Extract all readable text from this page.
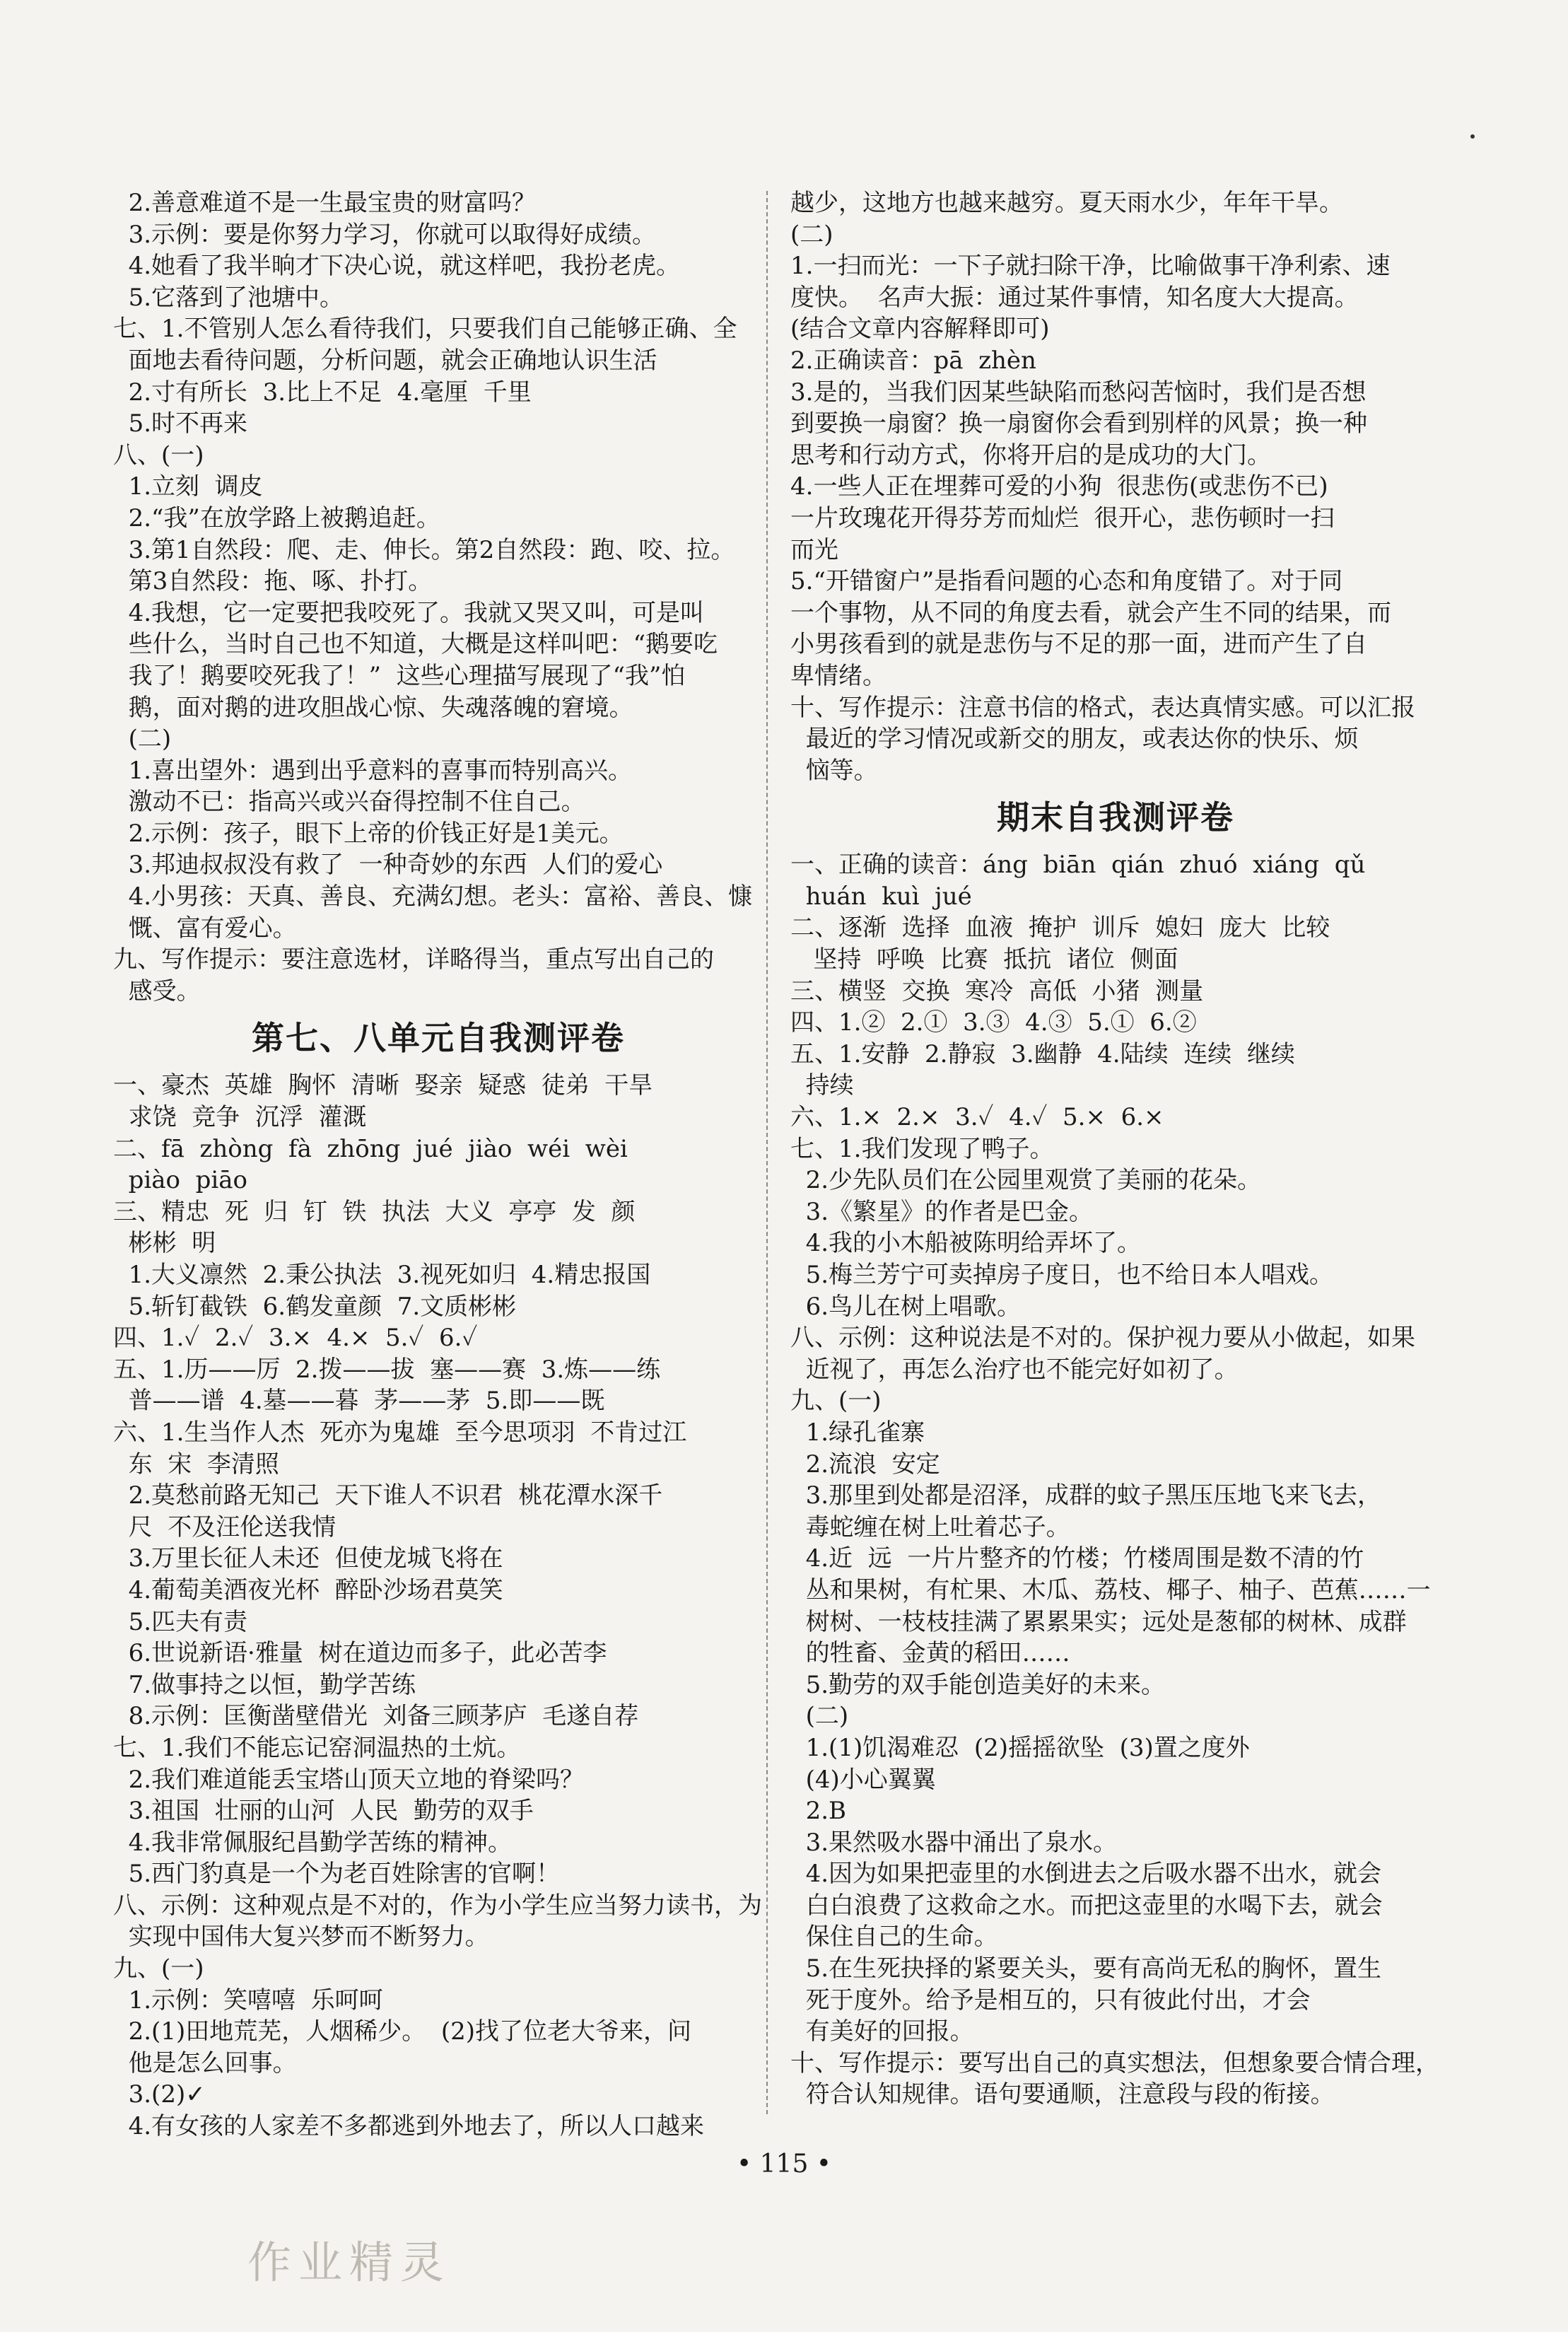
2.善意难道不是一生最宝贵的财富吗？
3.示例：要是你努力学习，你就可以取得好成绩。
4.她看了我半晌才下决心说，就这样吧，我扮老虎。
5.它落到了池塘中。
七、1.不管别人怎么看待我们，只要我们自己能够正确、全
面地去看待问题，分析问题，就会正确地认识生活
2.寸有所长  3.比上不足  4.毫厘  千里
5.时不再来
八、(一)
1.立刻  调皮
2.“我”在放学路上被鹅追赶。
3.第1自然段：爬、走、伸长。第2自然段：跑、咬、拉。
第3自然段：拖、啄、扑打。
4.我想，它一定要把我咬死了。我就又哭又叫，可是叫
些什么，当时自己也不知道，大概是这样叫吧：“鹅要吃
我了！鹅要咬死我了！”  这些心理描写展现了“我”怕
鹅，面对鹅的进攻胆战心惊、失魂落魄的窘境。
(二)
1.喜出望外：遇到出乎意料的喜事而特别高兴。
激动不已：指高兴或兴奋得控制不住自己。
2.示例：孩子，眼下上帝的价钱正好是1美元。
3.邦迪叔叔没有救了  一种奇妙的东西  人们的爱心
4.小男孩：天真、善良、充满幻想。老头：富裕、善良、慷
慨、富有爱心。
九、写作提示：要注意选材，详略得当，重点写出自己的
感受。
第七、八单元自我测评卷
一、豪杰  英雄  胸怀  清晰  娶亲  疑惑  徒弟  干旱
求饶  竞争  沉浮  灌溉
二、fā  zhòng  fà  zhōng  jué  jiào  wéi  wèi
piào  piāo
三、精忠  死  归  钉  铁  执法  大义  亭亭  发  颜
彬彬  明
1.大义凛然  2.秉公执法  3.视死如归  4.精忠报国
5.斩钉截铁  6.鹤发童颜  7.文质彬彬
四、1.✓  2.✓  3.×  4.×  5.✓  6.✓
五、1.历——厉  2.拨——拔  塞——赛  3.炼——练
普——谱  4.墓——暮  茅——茅  5.即——既
六、1.生当作人杰  死亦为鬼雄  至今思项羽  不肯过江
东  宋  李清照
2.莫愁前路无知己  天下谁人不识君  桃花潭水深千
尺  不及汪伦送我情
3.万里长征人未还  但使龙城飞将在
4.葡萄美酒夜光杯  醉卧沙场君莫笑
5.匹夫有责
6.世说新语·雅量  树在道边而多子，此必苦李
7.做事持之以恒，勤学苦练
8.示例：匡衡凿壁借光  刘备三顾茅庐  毛遂自荐
七、1.我们不能忘记窑洞温热的土炕。
2.我们难道能丢宝塔山顶天立地的脊梁吗？
3.祖国  壮丽的山河  人民  勤劳的双手
4.我非常佩服纪昌勤学苦练的精神。
5.西门豹真是一个为老百姓除害的官啊！
八、示例：这种观点是不对的，作为小学生应当努力读书，为
实现中国伟大复兴梦而不断努力。
九、(一)
1.示例：笑嘻嘻  乐呵呵
2.(1)田地荒芜，人烟稀少。  (2)找了位老大爷来，问
他是怎么回事。
3.(2)✓
4.有女孩的人家差不多都逃到外地去了，所以人口越来
越少，这地方也越来越穷。夏天雨水少，年年干旱。
(二)
1.一扫而光：一下子就扫除干净，比喻做事干净利索、速
度快。  名声大振：通过某件事情，知名度大大提高。
(结合文章内容解释即可)
2.正确读音：pā  zhèn
3.是的，当我们因某些缺陷而愁闷苦恼时，我们是否想
到要换一扇窗？换一扇窗你会看到别样的风景；换一种
思考和行动方式，你将开启的是成功的大门。
4.一些人正在埋葬可爱的小狗  很悲伤(或悲伤不已)
一片玫瑰花开得芬芳而灿烂  很开心，悲伤顿时一扫
而光
5.“开错窗户”是指看问题的心态和角度错了。对于同
一个事物，从不同的角度去看，就会产生不同的结果，而
小男孩看到的就是悲伤与不足的那一面，进而产生了自
卑情绪。
十、写作提示：注意书信的格式，表达真情实感。可以汇报
最近的学习情况或新交的朋友，或表达你的快乐、烦
恼等。
期末自我测评卷
一、正确的读音：áng  biān  qián  zhuó  xiáng  qǔ
huán  kuì  jué
二、逐渐  选择  血液  掩护  训斥  媳妇  庞大  比较
坚持  呼唤  比赛  抵抗  诸位  侧面
三、横竖  交换  寒冷  高低  小猪  测量
四、1.②  2.①  3.③  4.③  5.①  6.②
五、1.安静  2.静寂  3.幽静  4.陆续  连续  继续
持续
六、1.×  2.×  3.✓  4.✓  5.×  6.×
七、1.我们发现了鸭子。
2.少先队员们在公园里观赏了美丽的花朵。
3.《繁星》的作者是巴金。
4.我的小木船被陈明给弄坏了。
5.梅兰芳宁可卖掉房子度日，也不给日本人唱戏。
6.鸟儿在树上唱歌。
八、示例：这种说法是不对的。保护视力要从小做起，如果
近视了，再怎么治疗也不能完好如初了。
九、(一)
1.绿孔雀寨
2.流浪  安定
3.那里到处都是沼泽，成群的蚊子黑压压地飞来飞去，
毒蛇缠在树上吐着芯子。
4.近  远  一片片整齐的竹楼；竹楼周围是数不清的竹
丛和果树，有杧果、木瓜、荔枝、椰子、柚子、芭蕉……一
树树、一枝枝挂满了累累果实；远处是葱郁的树林、成群
的牲畜、金黄的稻田……
5.勤劳的双手能创造美好的未来。
(二)
1.(1)饥渴难忍  (2)摇摇欲坠  (3)置之度外
(4)小心翼翼
2.B
3.果然吸水器中涌出了泉水。
4.因为如果把壶里的水倒进去之后吸水器不出水，就会
白白浪费了这救命之水。而把这壶里的水喝下去，就会
保住自己的生命。
5.在生死抉择的紧要关头，要有高尚无私的胸怀，置生
死于度外。给予是相互的，只有彼此付出，才会
有美好的回报。
十、写作提示：要写出自己的真实想法，但想象要合情合理，
符合认知规律。语句要通顺，注意段与段的衔接。
• 115 •
作业精灵
